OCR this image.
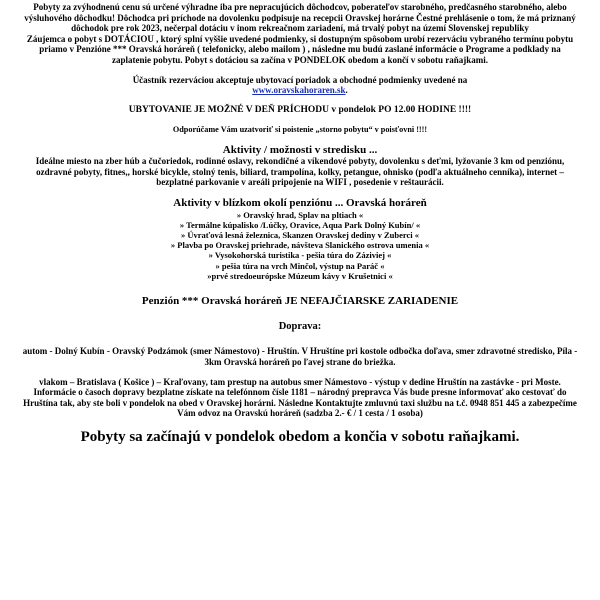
Pobyty za zvýhodnenú cenu sú určené výhradne iba pre nepracujúcich dôchodcov, poberateľov starobného, predčasného starobného, alebo výsluhového dôchodku! Dôchodca pri príchode na dovolenku podpisuje na recepcii Oravskej horárne Čestné prehlásenie o tom, že má priznaný dôchodok pre rok 2023, nečerpal dotáciu v inom rekreačnom zariadení, má trvalý pobyt na území Slovenskej republiky

Záujemca o pobyt s DOTÁCIOU , ktorý splní vyššie uvedené podmienky, si dostupným spôsobom urobí rezerváciu vybraného termínu pobytu priamo v Penzióne *** Oravská horáreň ( telefonicky, alebo mailom ) , následne mu budú zaslané informácie o Programe a podklady na zaplatenie pobytu. Pobyt s dotáciou sa začína v PONDELOK obedom a končí v sobotu raňajkami.

Účastník rezerváciou akceptuje ubytovací poriadok a obchodné podmienky uvedené na
www.oravskahoraren.sk.

UBYTOVANIE JE MOŽNÉ V DEŇ PRÍCHODU v pondelok PO 12.00 HODINE !!!!

Odporúčame Vám uzatvoriť si poistenie „storno pobytu“ v poisťovni !!!!

Aktivity / možnosti v stredisku ...

Ideálne miesto na zber húb a čučoriedok, rodinné oslavy, rekondičné a víkendové pobyty, dovolenku s deťmi, lyžovanie 3 km od penziónu, ozdravné pobyty, fitnes,, horské bicykle, stolný tenis, biliard, trampolína, kolky, petangue, ohnisko (podľa aktuálneho cenníka), internet – bezplatné parkovanie v areáli pripojenie na WIFI , posedenie v reštaurácii.

Aktivity v blízkom okolí penziónu ... Oravská horáreň

» Oravský hrad, Splav na pltiach «
» Termálne kúpalisko /Lúčky, Oravice, Aqua Park Dolný Kubín/ «
» Úvraťová lesná železnica, Skanzen Oravskej dediny v Zuberci «
» Plavba po Oravskej priehrade, návšteva Slanického ostrova umenia «
» Vysokohorská turistika - pešia túra do Záziviej «
» pešia túra na vrch Minčol, výstup na Paráč «
»prvé stredoeurópske Múzeum kávy v Krušetnici «

Penzión *** Oravská horáreň JE NEFAJČIARSKE ZARIADENIE

Doprava:

autom - Dolný Kubín - Oravský Podzámok (smer Námestovo) - Hruštín. V Hruštíne pri kostole odbočka doľava, smer zdravotné stredisko, Píla - 3km Oravská horáreň po ľavej strane do briežka.

vlakom – Bratislava ( Košice ) – Kraľovany, tam prestup na autobus smer Námestovo - výstup v dedine Hruštín na zastávke - pri Moste.

Informácie o časoch dopravy bezplatne získate na telefónnom čísle 1181 – národný prepravca Vás bude presne informovať ako cestovať do Hruštína tak, aby ste boli v pondelok na obed v Oravskej horárni. Následne Kontaktujte zmluvnú taxi službu na t.č. 0948 851 445 a zabezpečíme Vám odvoz na Oravskú horáreň (sadzba 2.- € / 1 cesta / 1 osoba)

Pobyty sa začínajú v pondelok obedom a končia v sobotu raňajkami.
